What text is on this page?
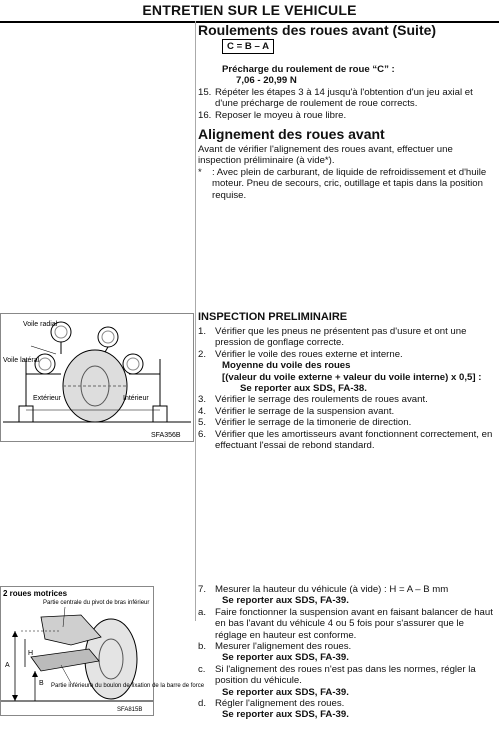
ENTRETIEN SUR LE VEHICULE
Roulements des roues avant (Suite)
C = B – A
Précharge du roulement de roue “C” :
7,06 - 20,99 N
15. Répéter les étapes 3 à 14 jusqu'à l'obtention d'un jeu axial et d'une précharge de roulement de roue corrects.
16. Reposer le moyeu à roue libre.
Alignement des roues avant
Avant de vérifier l'alignement des roues avant, effectuer une inspection préliminaire (à vide*).
* : Avec plein de carburant, de liquide de refroidissement et d'huile moteur. Pneu de secours, cric, outillage et tapis dans la position requise.
Voile radial
Voile latéral
Extérieur	Intérieur
SFA356B
INSPECTION PRELIMINAIRE
1. Vérifier que les pneus ne présentent pas d'usure et ont une pression de gonflage correcte.
2. Vérifier le voile des roues externe et interne.
Moyenne du voile des roues
[(valeur du voile externe + valeur du voile interne) x 0,5] :
Se reporter aux SDS, FA-38.
3. Vérifier le serrage des roulements de roues avant.
4. Vérifier le serrage de la suspension avant.
5. Vérifier le serrage de la timonerie de direction.
6. Vérifier que les amortisseurs avant fonctionnent correctement, en effectuant l'essai de rebond standard.
2 roues motrices
Partie centrale du pivot de bras inférieur
Partie inférieure du boulon de fixation de la barre de force
H
A
B
SFA815B
7. Mesurer la hauteur du véhicule (à vide) : H = A – B mm
Se reporter aux SDS, FA-39.
a. Faire fonctionner la suspension avant en faisant balancer de haut en bas l'avant du véhicule 4 ou 5 fois pour s'assurer que le réglage en hauteur est conforme.
b. Mesurer l'alignement des roues.
Se reporter aux SDS, FA-39.
c. Si l'alignement des roues n'est pas dans les normes, régler la position du véhicule.
Se reporter aux SDS, FA-39.
d. Régler l'alignement des roues.
Se reporter aux SDS, FA-39.
